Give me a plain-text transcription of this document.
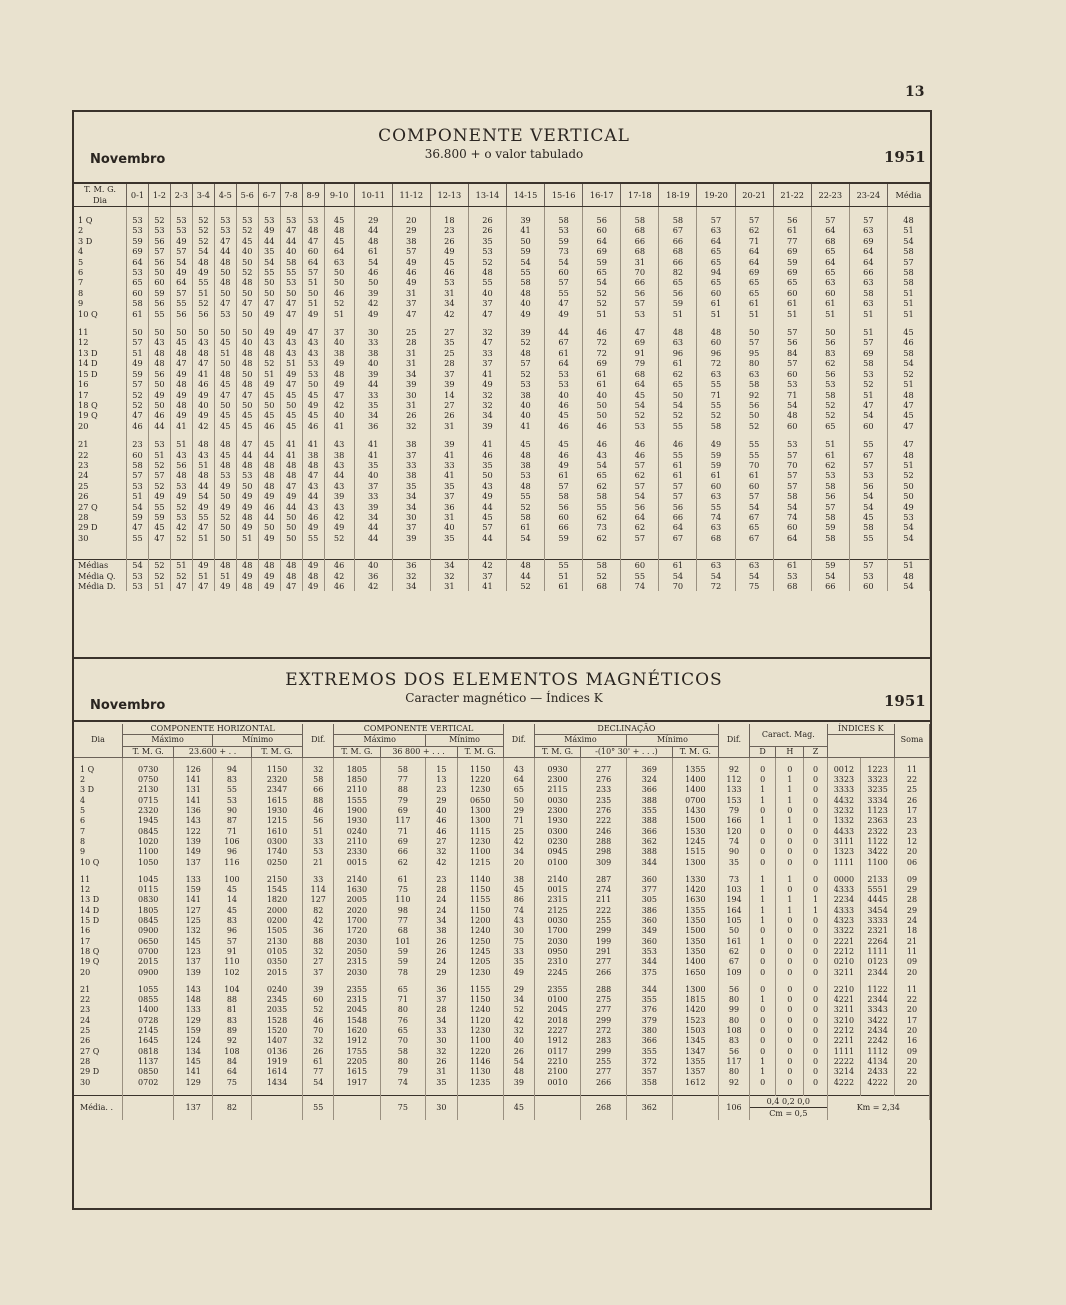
13
COMPONENTE VERTICAL
36.800 + o valor tabulado
Novembro	1951
T. M. G.
Dia	0-1	1-2	2-3	3-4	4-5	5-6	6-7	7-8	8-9	9-10	10-11	11-12	12-13	13-14	14-15	15-16	16-17	17-18	18-19	19-20	20-21	21-22	22-23	23-24	Média

1 Q	53	52	53	52	53	53	53	53	53	45	29	20	18	26	39	58	56	58	58	57	57	56	57	57	48
2	53	53	53	52	53	52	49	47	48	48	44	29	23	26	41	53	60	68	67	63	62	61	64	63	51
3 D	59	56	49	52	47	45	44	44	47	45	48	38	26	35	50	59	64	66	66	64	71	77	68	69	54
4	69	57	57	54	44	40	35	40	60	64	61	57	49	53	59	73	69	68	68	65	64	69	65	64	58
5	64	56	54	48	48	50	54	58	64	63	54	49	45	52	54	54	59	31	66	65	64	59	64	64	57
6	53	50	49	49	50	52	55	55	57	50	46	46	46	48	55	60	65	70	82	94	69	69	65	66	58
7	65	60	64	55	48	48	50	53	51	50	50	49	53	55	58	57	54	66	65	65	65	65	63	63	58
8	60	59	57	51	50	50	50	50	50	46	39	31	31	40	48	55	52	56	56	60	65	60	60	58	51
9	58	56	55	52	47	47	47	47	51	52	42	37	34	37	40	47	52	57	59	61	61	61	61	63	51
10 Q	61	55	56	56	53	50	49	47	49	51	49	47	42	47	49	49	51	53	51	51	51	51	51	51	51

11	50	50	50	50	50	50	49	49	47	37	30	25	27	32	39	44	46	47	48	48	50	57	50	51	45
12	57	43	45	43	45	40	43	43	43	40	33	28	35	47	52	67	72	69	63	60	57	56	56	57	46
13 D	51	48	48	48	51	48	48	43	43	38	38	31	25	33	48	61	72	91	96	96	95	84	83	69	58
14 D	49	48	47	47	50	48	52	51	53	49	40	31	28	37	57	64	69	79	61	72	80	57	62	58	54
15 D	59	56	49	41	48	50	51	49	53	48	39	34	37	41	52	53	61	68	62	63	63	60	56	53	52
16	57	50	48	46	45	48	49	47	50	49	44	39	39	49	53	53	61	64	65	55	58	53	53	52	51
17	52	49	49	49	47	47	45	45	45	47	33	30	14	32	38	40	40	45	50	71	92	71	58	51	48
18 Q	52	50	48	40	50	50	50	50	49	42	35	31	27	32	40	46	50	54	54	55	56	54	52	47	47
19 Q	47	46	49	49	45	45	45	45	45	40	34	26	26	34	40	45	50	52	52	52	50	48	52	54	45
20	46	44	41	42	45	45	46	45	46	41	36	32	31	39	41	46	46	53	55	58	52	60	65	60	47

21	23	53	51	48	48	47	45	41	41	43	41	38	39	41	45	45	46	46	46	49	55	53	51	55	47
22	60	51	43	43	45	44	44	41	38	38	41	37	41	46	48	46	43	46	55	59	55	57	61	67	48
23	58	52	56	51	48	48	48	48	48	43	35	33	33	35	38	49	54	57	61	59	70	70	62	57	51
24	57	57	48	48	53	53	48	48	47	44	40	38	41	50	53	61	65	62	61	61	61	57	53	53	52
25	53	52	53	44	49	50	48	47	43	43	37	35	35	43	48	57	62	57	57	60	60	57	58	56	50
26	51	49	49	54	50	49	49	49	44	39	33	34	37	49	55	58	58	54	57	63	57	58	56	54	50
27 Q	54	55	52	49	49	49	46	44	43	43	39	34	36	44	52	56	55	56	56	55	54	54	57	54	49
28	59	59	53	55	52	48	44	50	46	42	34	30	31	45	58	60	62	64	66	74	67	74	58	45	53
29 D	47	45	42	47	50	49	50	50	49	49	44	37	40	57	61	66	73	62	64	63	65	60	59	58	54
30	55	47	52	51	50	51	49	50	55	52	44	39	35	44	54	59	62	57	67	68	67	64	58	55	54

Médias	54	52	51	49	48	48	48	48	49	46	40	36	34	42	48	55	58	60	61	63	63	61	59	57	51
Média Q.	53	52	52	51	51	49	49	48	48	42	36	32	32	37	44	51	52	55	54	54	54	53	54	53	48
Média D.	53	51	47	47	49	48	49	47	49	46	42	34	31	41	52	61	68	74	70	72	75	68	66	60	54
EXTREMOS DOS ELEMENTOS MAGNÉTICOS
Caracter magnético — Índices K
Novembro	1951
Dia	COMPONENTE HORIZONTAL				Dif.	COMPONENTE VERTICAL				Dif.	DECLINAÇÃO				Dif.	Caract. Mag.			ÍNDICES K		Soma
	Máximo		Mínimo			Máximo		Mínimo			Máximo		Mínimo								
	T. M. G.	23.600 + . .		T. M. G.		T. M. G.	36 800 + . . .		T. M. G.		T. M. G.	-(10° 30' + . . .)		T. M. G.		D	H	Z			

1 Q	0730	126	94	1150	32	1805	58	15	1150	43	0930	277	369	1355	92	0	0	0	0012	1223	11
2	0750	141	83	2320	58	1850	77	13	1220	64	2300	276	324	1400	112	0	1	0	3323	3323	22
3 D	2130	131	55	2347	66	2110	88	23	1230	65	2115	233	366	1400	133	1	1	0	3333	3235	25
4	0715	141	53	1615	88	1555	79	29	0650	50	0030	235	388	0700	153	1	1	0	4432	3334	26
5	2320	136	90	1930	46	1900	69	40	1300	29	2300	276	355	1430	79	0	0	0	3232	1123	17
6	1945	143	87	1215	56	1930	117	46	1300	71	1930	222	388	1500	166	1	1	0	1332	2363	23
7	0845	122	71	1610	51	0240	71	46	1115	25	0300	246	366	1530	120	0	0	0	4433	2322	23
8	1020	139	106	0300	33	2110	69	27	1230	42	0230	288	362	1245	74	0	0	0	3111	1122	12
9	1100	149	96	1740	53	2330	66	32	1100	34	0945	298	388	1515	90	0	0	0	1323	3422	20
10 Q	1050	137	116	0250	21	0015	62	42	1215	20	0100	309	344	1300	35	0	0	0	1111	1100	06

11	1045	133	100	2150	33	2140	61	23	1140	38	2140	287	360	1330	73	1	1	0	0000	2133	09
12	0115	159	45	1545	114	1630	75	28	1150	45	0015	274	377	1420	103	1	0	0	4333	5551	29
13 D	0830	141	14	1820	127	2005	110	24	1155	86	2315	211	305	1630	194	1	1	1	2234	4445	28
14 D	1805	127	45	2000	82	2020	98	24	1150	74	2125	222	386	1355	164	1	1	1	4333	3454	29
15 D	0845	125	83	0200	42	1700	77	34	1200	43	0030	255	360	1350	105	1	0	0	4323	3333	24
16	0900	132	96	1505	36	1720	68	38	1240	30	1700	299	349	1500	50	0	0	0	3322	2321	18
17	0650	145	57	2130	88	2030	101	26	1250	75	2030	199	360	1350	161	1	0	0	2221	2264	21
18 Q	0700	123	91	0105	32	2050	59	26	1245	33	0950	291	353	1350	62	0	0	0	2212	1111	11
19 Q	2015	137	110	0350	27	2315	59	24	1205	35	2310	277	344	1400	67	0	0	0	0210	0123	09
20	0900	139	102	2015	37	2030	78	29	1230	49	2245	266	375	1650	109	0	0	0	3211	2344	20

21	1055	143	104	0240	39	2355	65	36	1155	29	2355	288	344	1300	56	0	0	0	2210	1122	11
22	0855	148	88	2345	60	2315	71	37	1150	34	0100	275	355	1815	80	1	0	0	4221	2344	22
23	1400	133	81	2035	52	2045	80	28	1240	52	2045	277	376	1420	99	0	0	0	3211	3343	20
24	0728	129	83	1528	46	1548	76	34	1120	42	2018	299	379	1523	80	0	0	0	3210	3422	17
25	2145	159	89	1520	70	1620	65	33	1230	32	2227	272	380	1503	108	0	0	0	2212	2434	20
26	1645	124	92	1407	32	1912	70	30	1100	40	1912	283	366	1345	83	0	0	0	2211	2242	16
27 Q	0818	134	108	0136	26	1755	58	32	1220	26	0117	299	355	1347	56	0	0	0	1111	1112	09
28	1137	145	84	1919	61	2205	80	26	1146	54	2210	255	372	1355	117	1	0	0	2222	4134	20
29 D	0850	141	64	1614	77	1615	79	31	1130	48	2100	277	357	1357	80	1	0	0	3214	2433	22
30	0702	129	75	1434	54	1917	74	35	1235	39	0010	266	358	1612	92	0	0	0	4222	4222	20

Média. .		137	82		55		75	30		45		268	362		106	0,4 0,2 0,0
Cm = 0,5			Km = 2,34		
